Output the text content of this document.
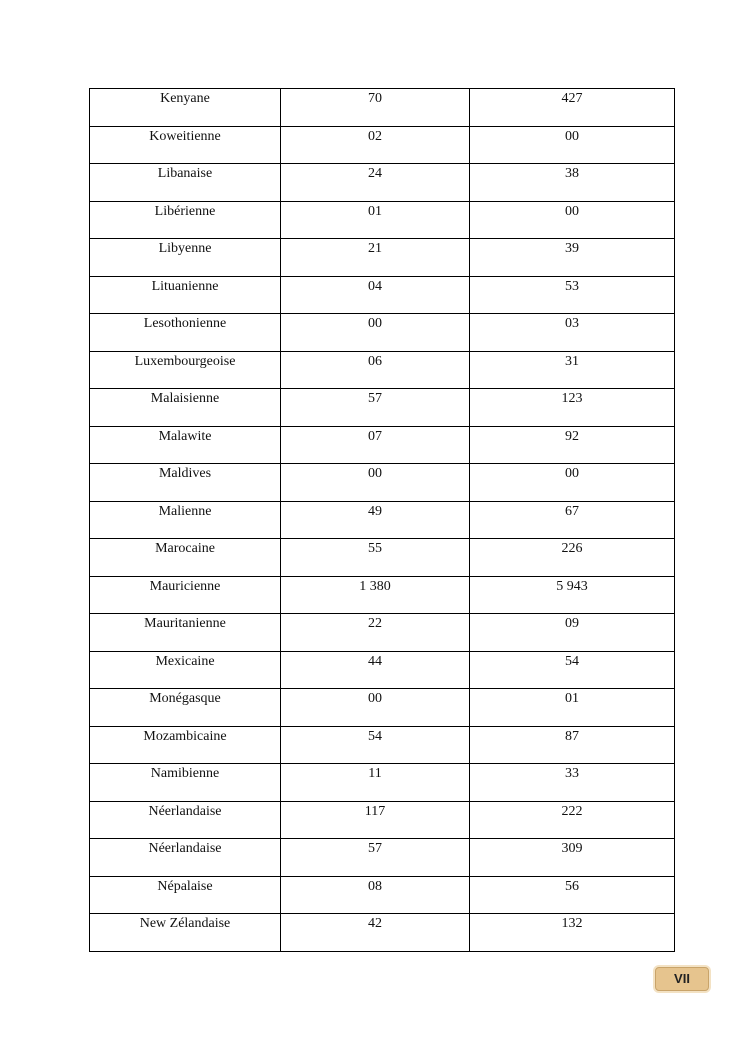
Kenyane	70	427
Koweitienne	02	00
Libanaise	24	38
Libérienne	01	00
Libyenne	21	39
Lituanienne	04	53
Lesothonienne	00	03
Luxembourgeoise	06	31
Malaisienne	57	123
Malawite	07	92
Maldives	00	00
Malienne	49	67
Marocaine	55	226
Mauricienne	1 380	5 943
Mauritanienne	22	09
Mexicaine	44	54
Monégasque	00	01
Mozambicaine	54	87
Namibienne	11	33
Néerlandaise	117	222
Néerlandaise	57	309
Népalaise	08	56
New Zélandaise	42	132
VII
